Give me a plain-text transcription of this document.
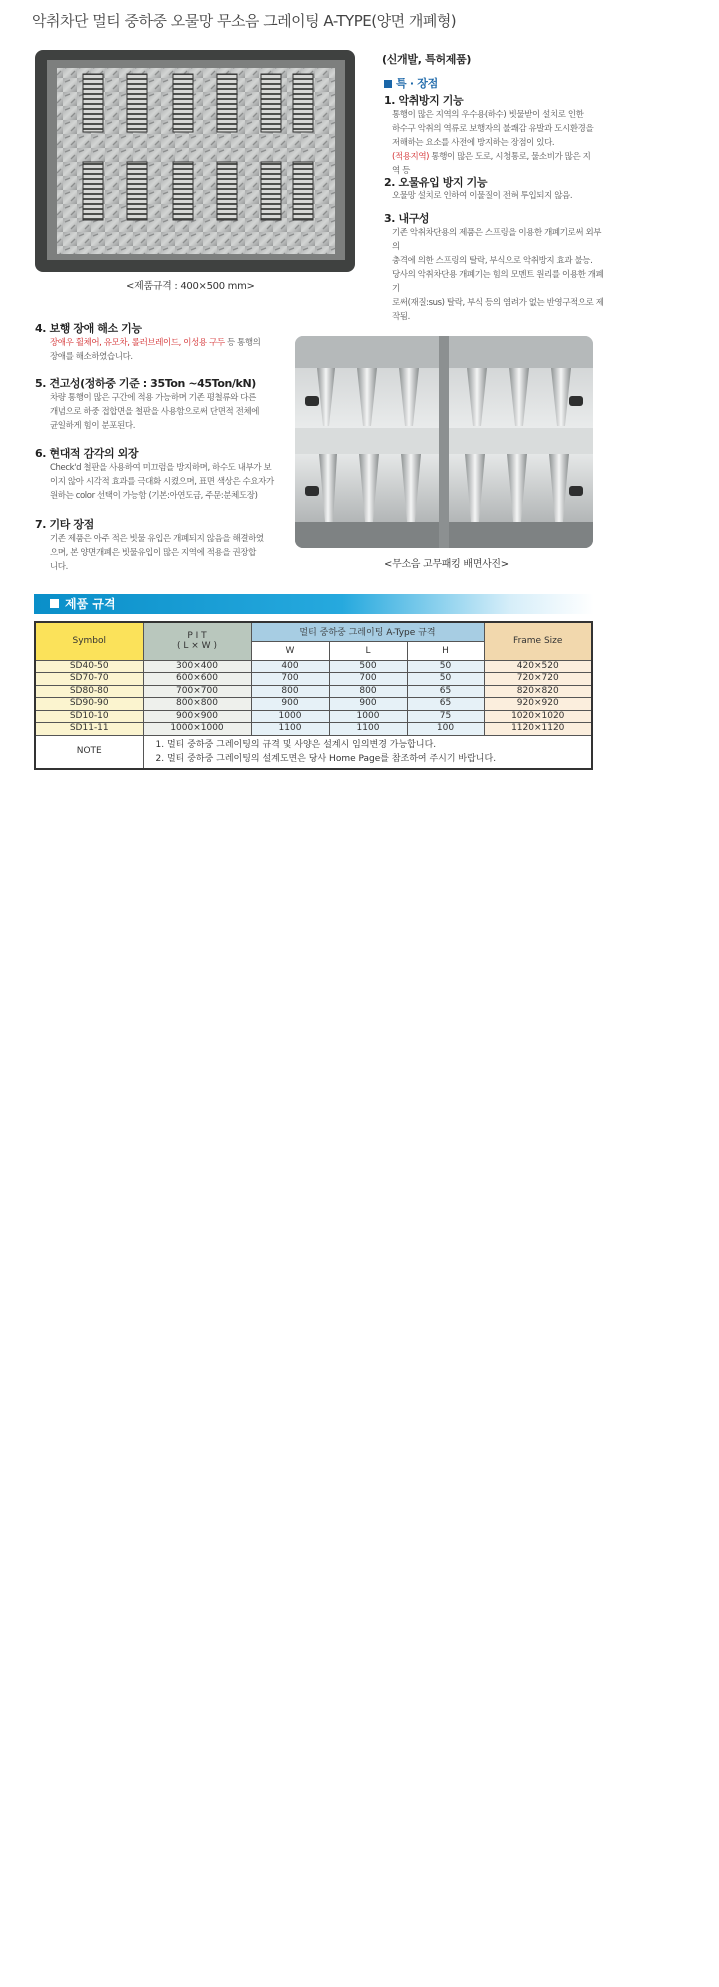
악취차단 멀티 중하중 오물망 무소음 그레이팅 A-TYPE(양면 개폐형)
<제품규격 : 400×500 mm>
(신개발, 특허제품)
특 · 장점
1. 악취방지 기능
통행이 많은 지역의 우수용(하수) 빗물받이 설치로 인한
하수구 악취의 역류로 보행자의 불쾌감 유발과 도시환경을
저해하는 요소를 사전에 방지하는 장점이 있다.
(적용지역) 통행이 많은 도로, 시청통로, 물소비가 많은 지역 등
2. 오물유입 방지 기능
오물망 설치로 인하여 이물질이 전혀 투입되지 않음.
3. 내구성
기존 악취차단용의 제품은 스프링을 이용한 개폐기로써 외부의
충격에 의한 스프링의 탈락, 부식으로 악취방지 효과 불능.
당사의 악취차단용 개폐기는 힘의 모멘트 원리를 이용한 개폐기
로써(재질:sus) 탈락, 부식 등의 염려가 없는 반영구적으로 제작됨.
4. 보행 장애 해소 기능
장애우 휠체어, 유모차, 롤러브레이드, 이성용 구두 등 통행의
장애를 해소하였습니다.
5. 견고성(정하중 기준 : 35Ton ~45Ton/kN)
차량 통행이 많은 구간에 적용 가능하며 기존 평철류와 다른
개념으로 하중 접합면을 철판을 사용함으로써 단면적 전체에
균일하게 힘이 분포된다.
6. 현대적 감각의 외장
Check'd 철판을 사용하여 미끄럼을 방지하며, 하수도 내부가 보
이지 않아 시각적 효과를 극대화 시켰으며, 표면 색상은 수요자가
원하는 color 선택이 가능함 (기본:아연도금, 주문:분체도장)
7. 기타 장점
기존 제품은 아주 적은 빗물 유입은 개폐되지 않음을 해결하였
으며, 본 양면개폐은 빗물유입이 많은 지역에 적용을 권장합
니다.	<무소음 고무패킹 배면사진>
제품 규격
Symbol	P I T
( L × W )	멀티 중하중 그레이팅 A-Type 규격			Frame Size
		W	L	H	
SD40-50	300×400	400	500	50	420×520
SD70-70	600×600	700	700	50	720×720
SD80-80	700×700	800	800	65	820×820
SD90-90	800×800	900	900	65	920×920
SD10-10	900×900	1000	1000	75	1020×1020
SD11-11	1000×1000	1100	1100	100	1120×1120
NOTE	1. 멀티 중하중 그레이팅의 규격 및 사양은 설계시 임의변경 가능합니다.
2. 멀티 중하중 그레이팅의 설계도면은 당사 Home Page를 참조하여 주시기 바랍니다.				
